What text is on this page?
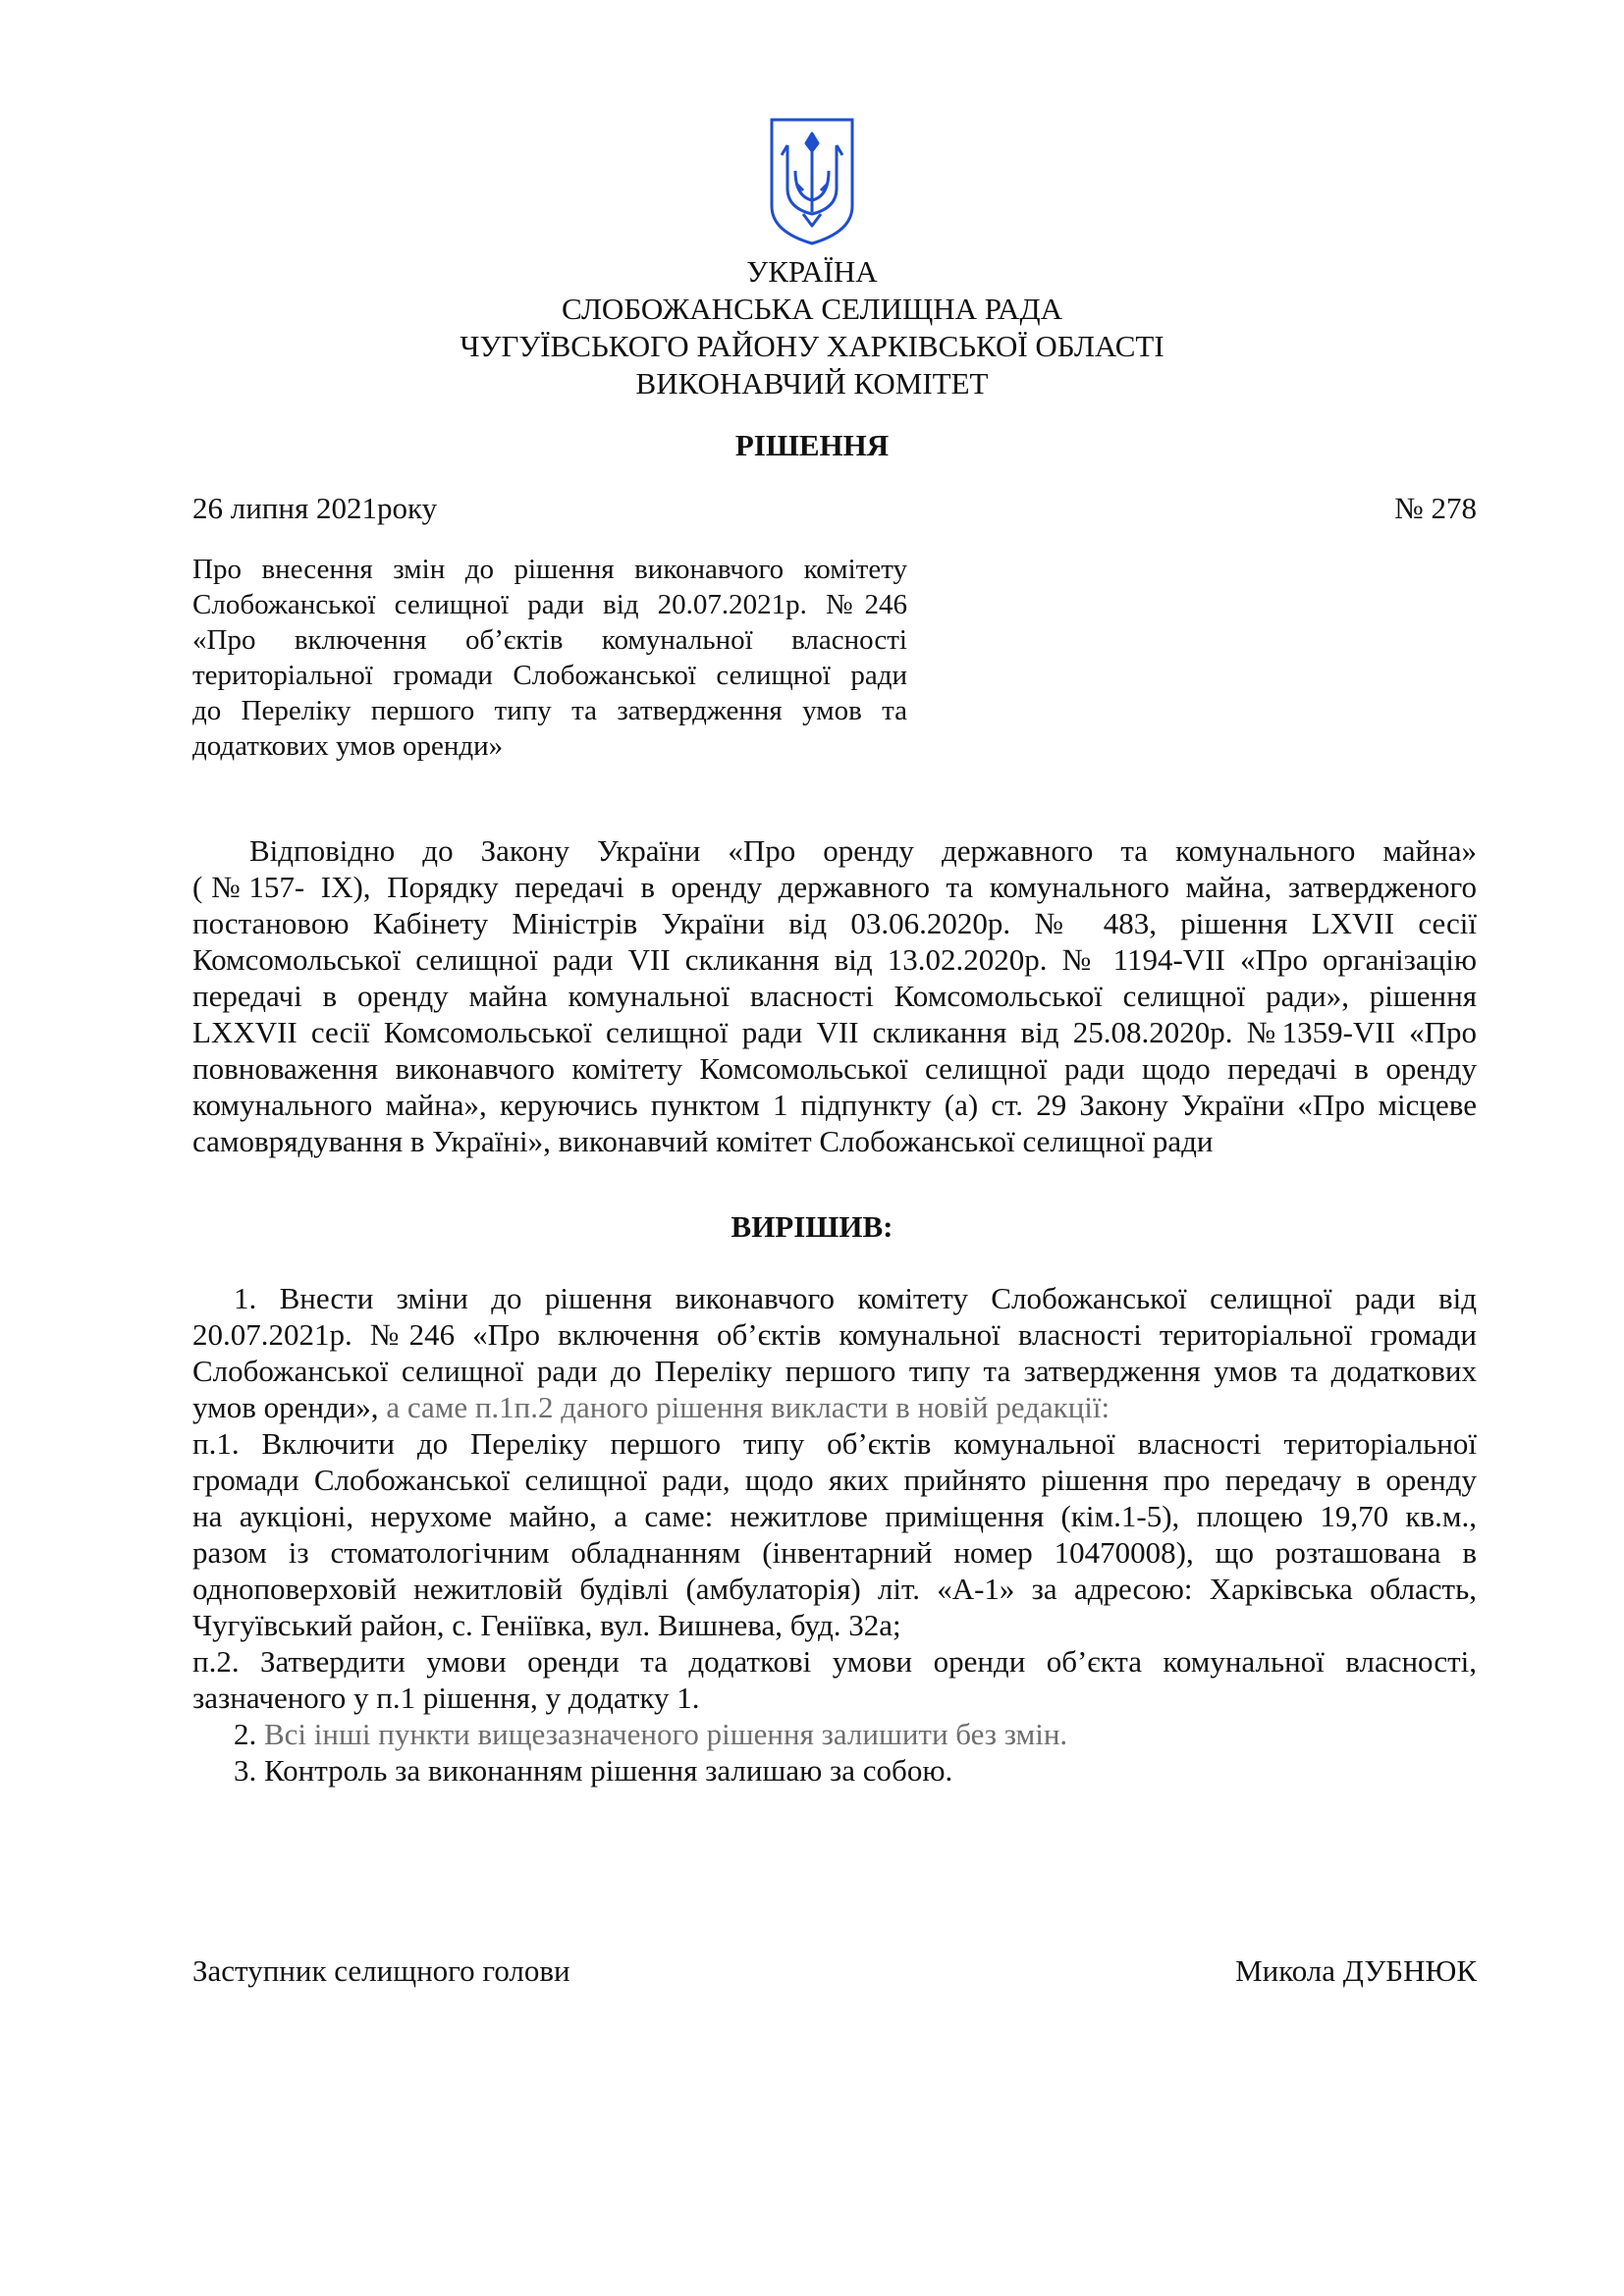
УКРАЇНА
СЛОБОЖАНСЬКА СЕЛИЩНА РАДА
ЧУГУЇВСЬКОГО РАЙОНУ ХАРКІВСЬКОЇ ОБЛАСТІ
ВИКОНАВЧИЙ КОМІТЕТ
РІШЕННЯ
26 липня 2021року	№ 278
Про внесення змін до рішення виконавчого комітету
Слобожанської селищної ради від 20.07.2021р. №246
«Про включення об’єктів комунальної власності
територіальної громади Слобожанської селищної ради
до Переліку першого типу та затвердження умов та
додаткових умов оренди»
Відповідно до Закону України «Про оренду державного та комунального майна»
(№157- IX), Порядку передачі в оренду державного та комунального майна, затвердженого
постановою Кабінету Міністрів України від 03.06.2020р. № 483, рішення LXVII сесії
Комсомольської селищної ради VII скликання від 13.02.2020р. № 1194-VII «Про організацію
передачі в оренду майна комунальної власності Комсомольської селищної ради», рішення
LXXVII сесії Комсомольської селищної ради VII скликання від 25.08.2020р. №1359-VII «Про
повноваження виконавчого комітету Комсомольської селищної ради щодо передачі в оренду
комунального майна», керуючись пунктом 1 підпункту (а) ст. 29 Закону України «Про місцеве
самоврядування в Україні», виконавчий комітет Слобожанської селищної ради
ВИРІШИВ:
1. Внести зміни до рішення виконавчого комітету Слобожанської селищної ради від
20.07.2021р. №246 «Про включення об’єктів комунальної власності територіальної громади
Слобожанської селищної ради до Переліку першого типу та затвердження умов та додаткових
умов оренди», а саме п.1п.2 даного рішення викласти в новій редакції:
п.1. Включити до Переліку першого типу об’єктів комунальної власності територіальної
громади Слобожанської селищної ради, щодо яких прийнято рішення про передачу в оренду
на аукціоні, нерухоме майно, а саме: нежитлове приміщення (кім.1-5), площею 19,70 кв.м.,
разом із стоматологічним обладнанням (інвентарний номер 10470008), що розташована в
одноповерховій нежитловій будівлі (амбулаторія) літ. «А-1» за адресою: Харківська область,
Чугуївський район, с. Геніївка, вул. Вишнева, буд. 32а;
п.2. Затвердити умови оренди та додаткові умови оренди об’єкта комунальної власності,
зазначеного у п.1 рішення, у додатку 1.
2. Всі інші пункти вищезазначеного рішення залишити без змін.
3. Контроль за виконанням рішення залишаю за собою.
Заступник селищного голови	Микола ДУБНЮК
